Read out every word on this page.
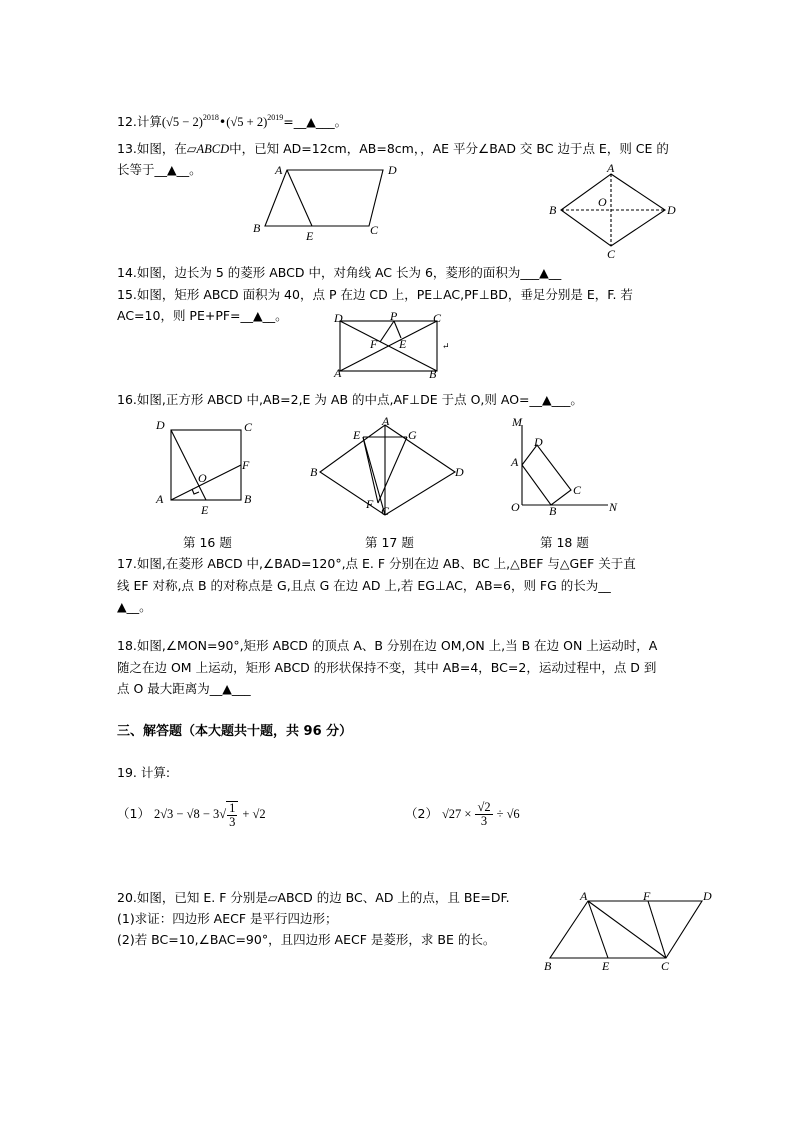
12.计算$(√5 - 2)^{2018}•(√5$ + 2)$^{2019}$=__▲___。
13.如图，在▱ABCD中，已知 AD=12cm，AB=8cm，，AE 平分∠BAD 交 BC 边于点 E，则 CE 的
长等于__▲__。	A	D
B
E	C
A
B	D
C
O
14.如图，边长为 5 的菱形 ABCD 中，对角线 AC 长为 6，菱形的面积为___▲__
15.如图，矩形 ABCD 面积为 40，点 P 在边 CD 上，PE⊥AC,PF⊥BD，垂足分别是 E，F. 若
AC=10，则 PE+PF=__▲__。	D	P	C
F E
A	B
↵
16.如图,正方形 ABCD 中,AB=2,E 为 AB 的中点,AF⊥DE 于点 O,则 AO=__▲___。
D	C
F
O
A	B
E
第 16 题
A
E	G
B	D
F C
第 17 题
M
D
A
C
O B	N
第 18 题
17.如图,在菱形 ABCD 中,∠BAD=120°,点 E. F 分别在边 AB、BC 上,△BEF 与△GEF 关于直
线 EF 对称,点 B 的对称点是 G,且点 G 在边 AD 上,若 EG⊥AC，AB=6，则 FG 的长为__
▲__。
18.如图,∠MON=90°,矩形 ABCD 的顶点 A、B 分别在边 OM,ON 上,当 B 在边 ON 上运动时，A
随之在边 OM 上运动，矩形 ABCD 的形状保持不变，其中 AB=4，BC=2，运动过程中，点 D 到
点 O 最大距离为__▲___
三、解答题（本大题共十题，共 96 分）
19. 计算:
（1） $2√3 - √8 - 3√ \frac{1}{3} + √2$	（2） $√27 \times \frac{√2}{3} \div √6$
20.如图，已知 E. F 分别是▱ABCD 的边 BC、AD 上的点，且 BE=DF.
(1)求证：四边形 AECF 是平行四边形；
(2)若 BC=10,∠BAC=90°，且四边形 AECF 是菱形，求 BE 的长。
A	F	D
B	E	C
